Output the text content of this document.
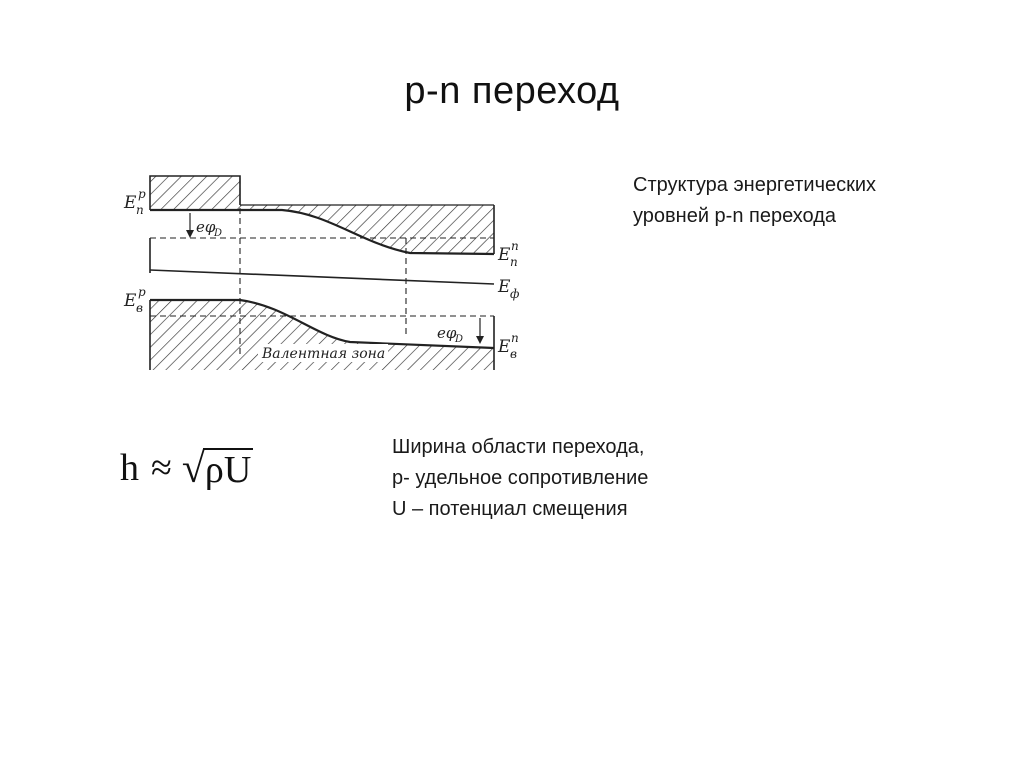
p-n переход
E п
p
eφ
D
E в
p
E п
n
E ф
eφ
D E в
n
Валентная зона
Структура энергетических
уровней p-n перехода
h ≈ √ ρU
Ширина области перехода,
p- удельное сопротивление
U – потенциал смещения
